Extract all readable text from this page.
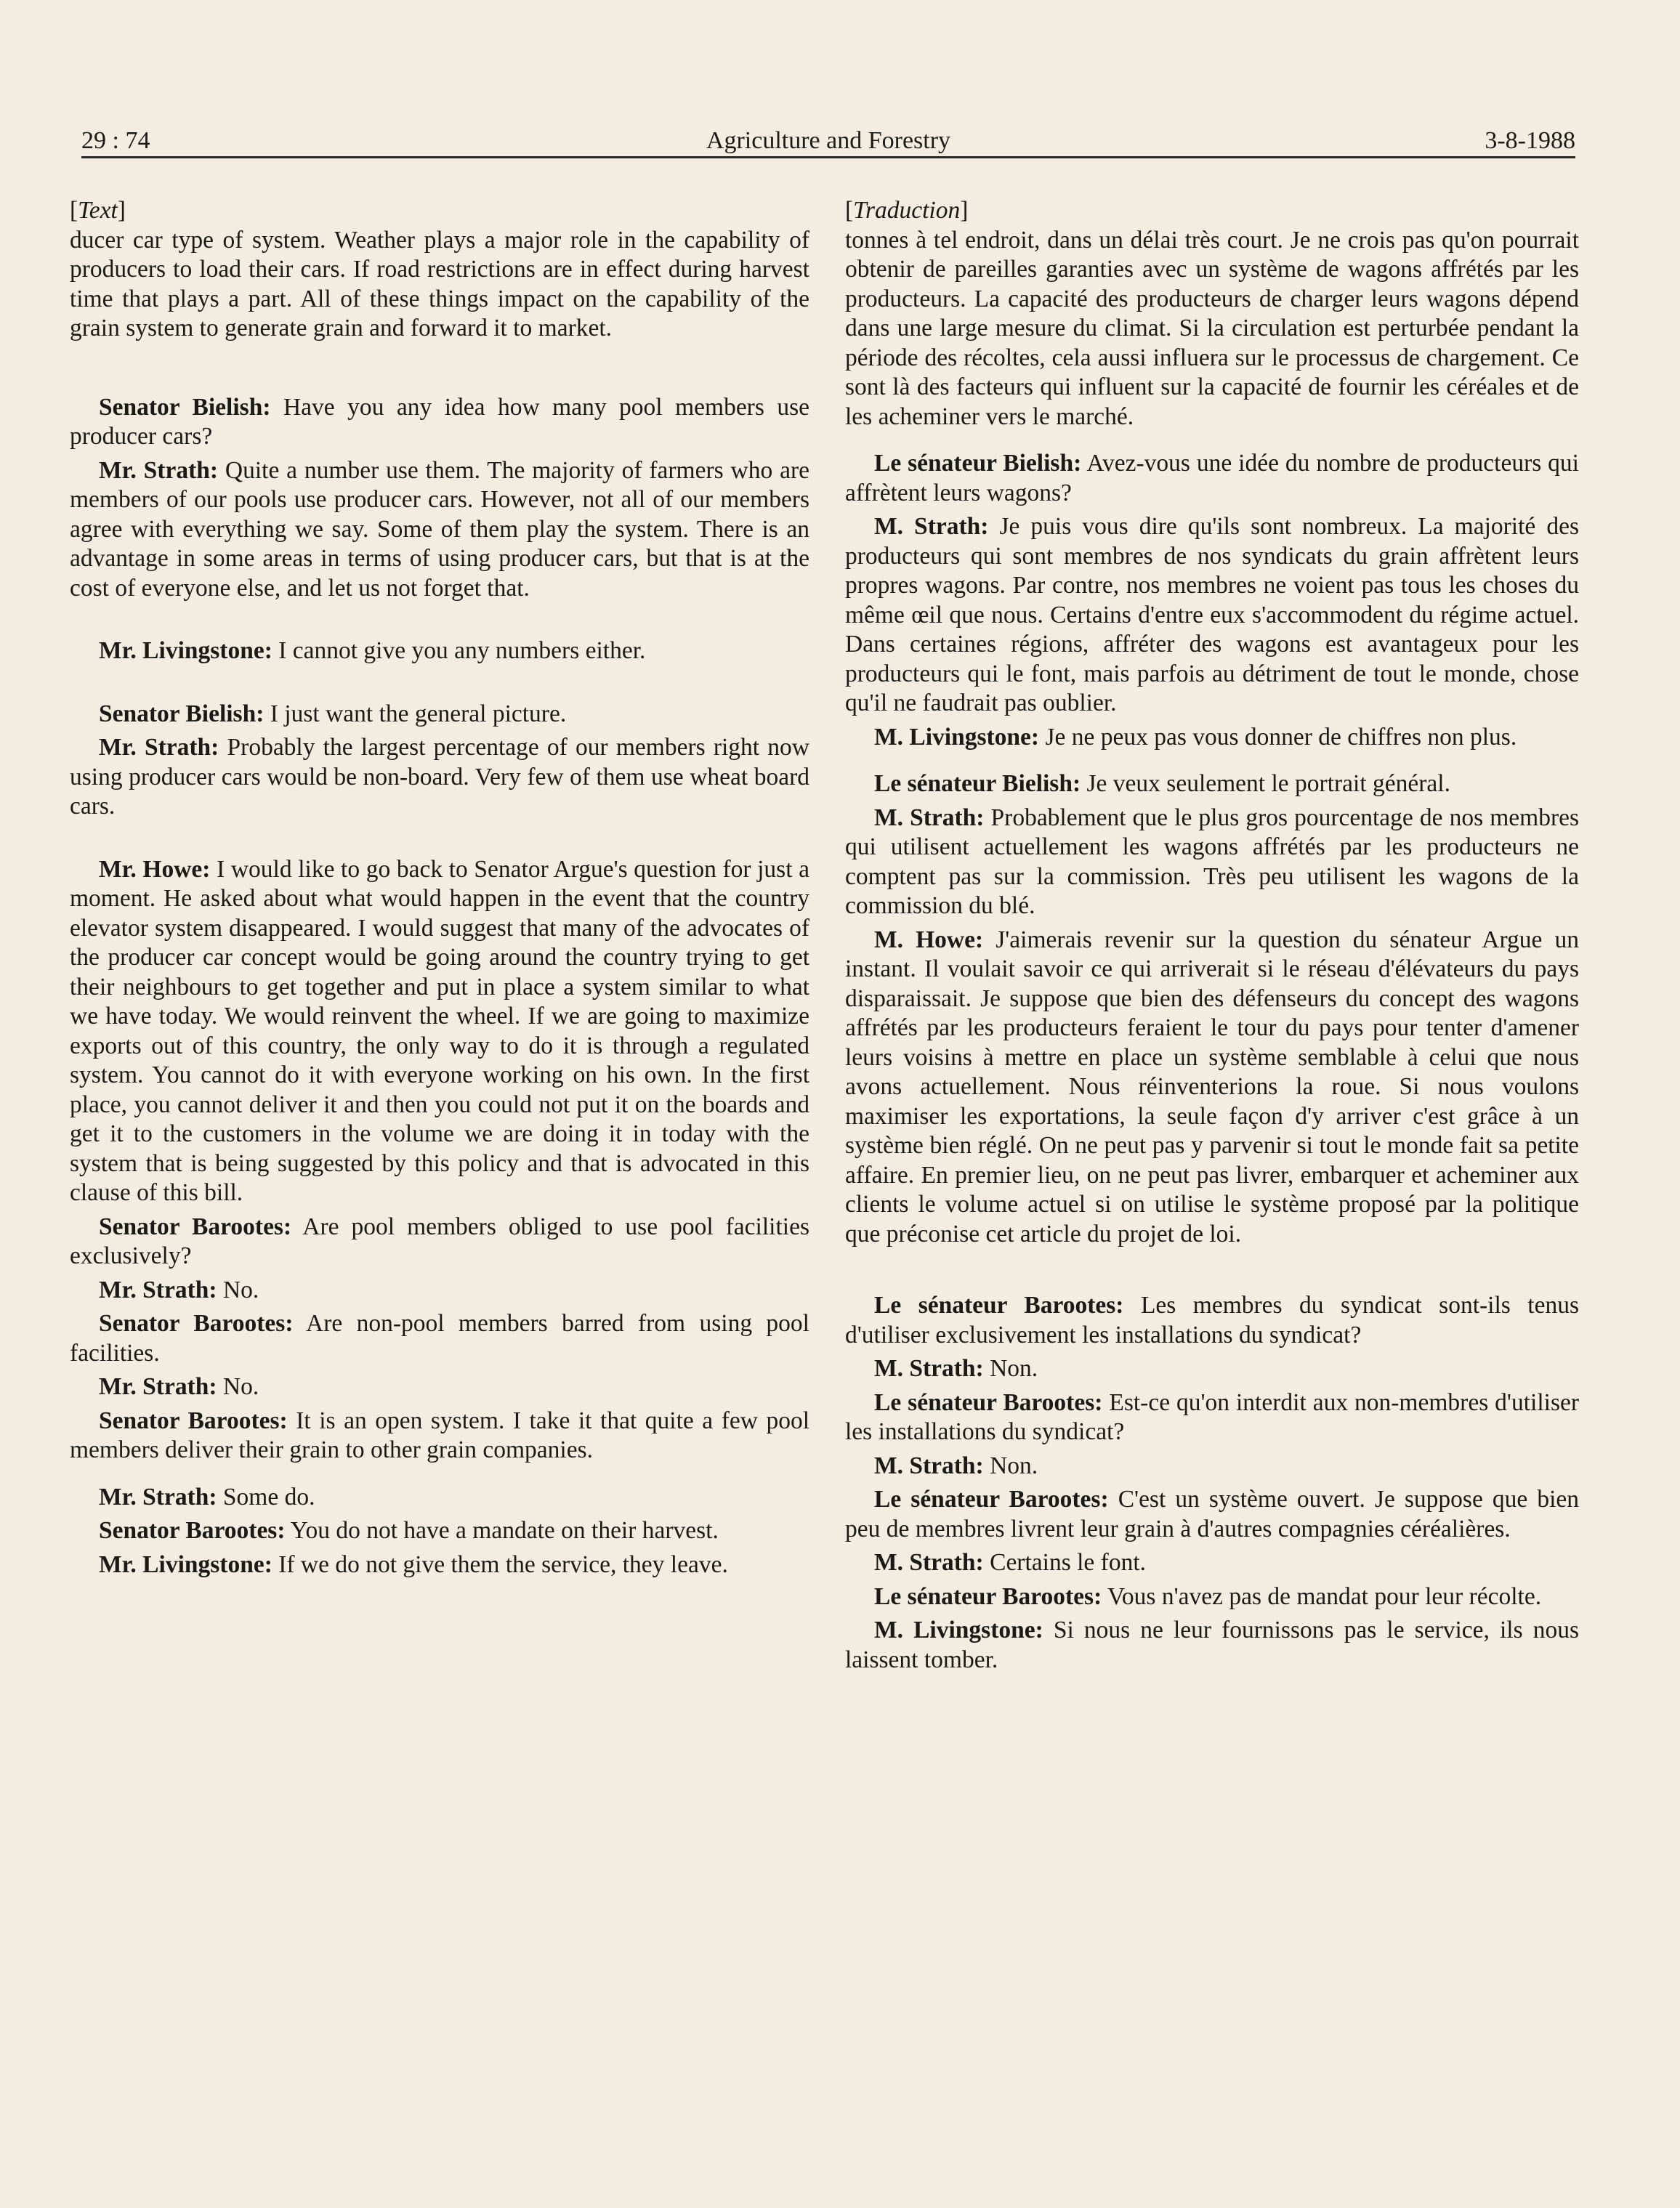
29 : 74	Agriculture and Forestry	3-8-1988

[ Text ]

ducer car type of system. Weather plays a major role in the capability of producers to load their cars. If road restrictions are in effect during harvest time that plays a part. All of these things impact on the capability of the grain system to generate grain and forward it to market.

Senator Bielish: Have you any idea how many pool members use producer cars?

Mr. Strath: Quite a number use them. The majority of farmers who are members of our pools use producer cars. However, not all of our members agree with everything we say. Some of them play the system. There is an advantage in some areas in terms of using producer cars, but that is at the cost of everyone else, and let us not forget that.

Mr. Livingstone: I cannot give you any numbers either.

Senator Bielish: I just want the general picture.

Mr. Strath: Probably the largest percentage of our members right now using producer cars would be non-board. Very few of them use wheat board cars.

Mr. Howe: I would like to go back to Senator Argue's question for just a moment. He asked about what would happen in the event that the country elevator system disappeared. I would suggest that many of the advocates of the producer car concept would be going around the country trying to get their neighbours to get together and put in place a system similar to what we have today. We would reinvent the wheel. If we are going to maximize exports out of this country, the only way to do it is through a regulated system. You cannot do it with everyone working on his own. In the first place, you cannot deliver it and then you could not put it on the boards and get it to the customers in the volume we are doing it in today with the system that is being suggested by this policy and that is advocated in this clause of this bill.

Senator Barootes: Are pool members obliged to use pool facilities exclusively?

Mr. Strath: No.

Senator Barootes: Are non-pool members barred from using pool facilities.

Mr. Strath: No.

Senator Barootes: It is an open system. I take it that quite a few pool members deliver their grain to other grain companies.

Mr. Strath: Some do.

Senator Barootes: You do not have a mandate on their harvest.

Mr. Livingstone: If we do not give them the service, they leave.

[ Traduction ]

tonnes à tel endroit, dans un délai très court. Je ne crois pas qu'on pourrait obtenir de pareilles garanties avec un système de wagons affrétés par les producteurs. La capacité des producteurs de charger leurs wagons dépend dans une large mesure du climat. Si la circulation est perturbée pendant la période des récoltes, cela aussi influera sur le processus de chargement. Ce sont là des facteurs qui influent sur la capacité de fournir les céréales et de les acheminer vers le marché.

Le sénateur Bielish: Avez-vous une idée du nombre de producteurs qui affrètent leurs wagons?

M. Strath: Je puis vous dire qu'ils sont nombreux. La majorité des producteurs qui sont membres de nos syndicats du grain affrètent leurs propres wagons. Par contre, nos membres ne voient pas tous les choses du même œil que nous. Certains d'entre eux s'accommodent du régime actuel. Dans certaines régions, affréter des wagons est avantageux pour les producteurs qui le font, mais parfois au détriment de tout le monde, chose qu'il ne faudrait pas oublier.

M. Livingstone: Je ne peux pas vous donner de chiffres non plus.

Le sénateur Bielish: Je veux seulement le portrait général.

M. Strath: Probablement que le plus gros pourcentage de nos membres qui utilisent actuellement les wagons affrétés par les producteurs ne comptent pas sur la commission. Très peu utilisent les wagons de la commission du blé.

M. Howe: J'aimerais revenir sur la question du sénateur Argue un instant. Il voulait savoir ce qui arriverait si le réseau d'élévateurs du pays disparaissait. Je suppose que bien des défenseurs du concept des wagons affrétés par les producteurs feraient le tour du pays pour tenter d'amener leurs voisins à mettre en place un système semblable à celui que nous avons actuellement. Nous réinventerions la roue. Si nous voulons maximiser les exportations, la seule façon d'y arriver c'est grâce à un système bien réglé. On ne peut pas y parvenir si tout le monde fait sa petite affaire. En premier lieu, on ne peut pas livrer, embarquer et acheminer aux clients le volume actuel si on utilise le système proposé par la politique que préconise cet article du projet de loi.

Le sénateur Barootes: Les membres du syndicat sont-ils tenus d'utiliser exclusivement les installations du syndicat?

M. Strath: Non.

Le sénateur Barootes: Est-ce qu'on interdit aux non-membres d'utiliser les installations du syndicat?

M. Strath: Non.

Le sénateur Barootes: C'est un système ouvert. Je suppose que bien peu de membres livrent leur grain à d'autres compagnies céréalières.

M. Strath: Certains le font.

Le sénateur Barootes: Vous n'avez pas de mandat pour leur récolte.

M. Livingstone: Si nous ne leur fournissons pas le service, ils nous laissent tomber.
